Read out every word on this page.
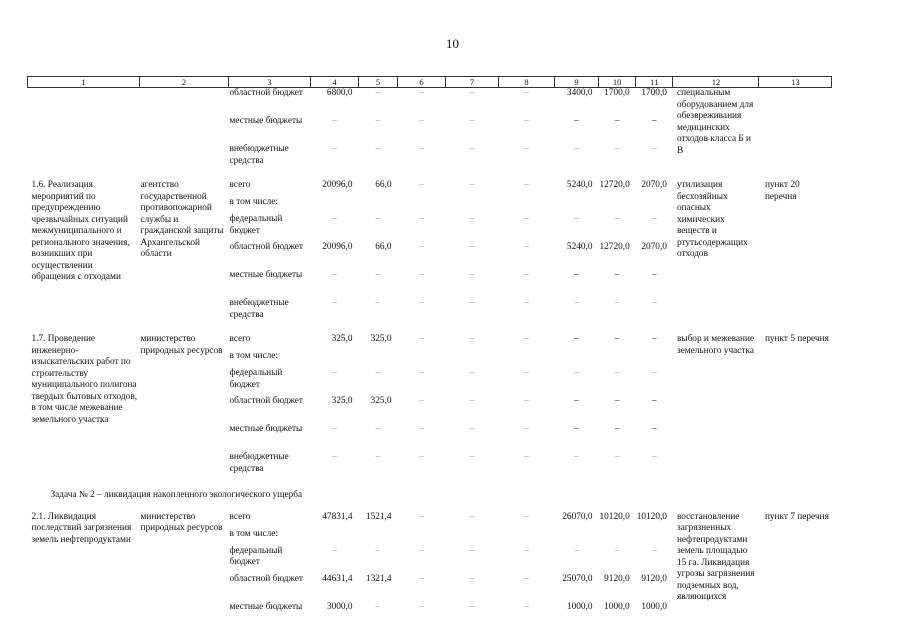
10
1	2	3	4	5	6	7	8	9	10	11	12	13
		областной бюджет	6800,0	–	–	–	–	3400,0	1700,0	1700,0	специальным оборудованием для обезвреживания медицинских отходов класса Б и В	
		местные бюджеты	–	–	–	–	–	–	–	–		
		внебюджетные средства	–	–	–	–	–	–	–	–		

1.6. Реализация мероприятий по предупреждению чрезвычайных ситуаций межмуниципального и регионального значения, возникших при осуществлении обращения с отходами	агентство государственной противопожарной службы и гражданской защиты Архангельской области	всего	20096,0	66,0	–	–	–	5240,0	12720,0	2070,0	утилизация бесхозяйных опасных химических веществ и ртутьсодержащих отходов	пункт 20 перечня
		в том числе:										
		федеральный бюджет	–	–	–	–	–	–	–	–		
		областной бюджет	20096,0	66,0	–	–	–	5240,0	12720,0	2070,0		
		местные бюджеты	–	–	–	–	–	–	–	–		
		внебюджетные средства	–	–	–	–	–	–	–	–		

1.7. Проведение инженерно-изыскательских работ по строительству муниципального полигона твердых бытовых отходов, в том числе межевание земельного участка	министерство природных ресурсов	всего	325,0	325,0	–	–	–	–	–	–	выбор и межевание земельного участка	пункт 5 перечня
		в том числе:										
		федеральный бюджет	–	–	–	–	–	–	–	–		
		областной бюджет	325,0	325,0	–	–	–	–	–	–		
		местные бюджеты	–	–	–	–	–	–	–	–		
		внебюджетные средства	–	–	–	–	–	–	–	–		

Задача № 2 – ликвидация накопленного экологического ущерба												

2.1. Ликвидация последствий загрязнения земель нефтепродуктами	министерство природных ресурсов	всего	47831,4	1521,4	–	–	–	26070,0	10120,0	10120,0	восстановление загрязненных нефтепродуктами земель площадью 15 га. Ликвидация угрозы загрязнения подземных вод, являющихся	пункт 7 перечня
		в том числе:										
		федеральный бюджет	–	–	–	–	–	–	–	–		
		областной бюджет	44631,4	1321,4	–	–	–	25070,0	9120,0	9120,0		
		местные бюджеты	3000,0	–	–	–	–	1000,0	1000,0	1000,0		
